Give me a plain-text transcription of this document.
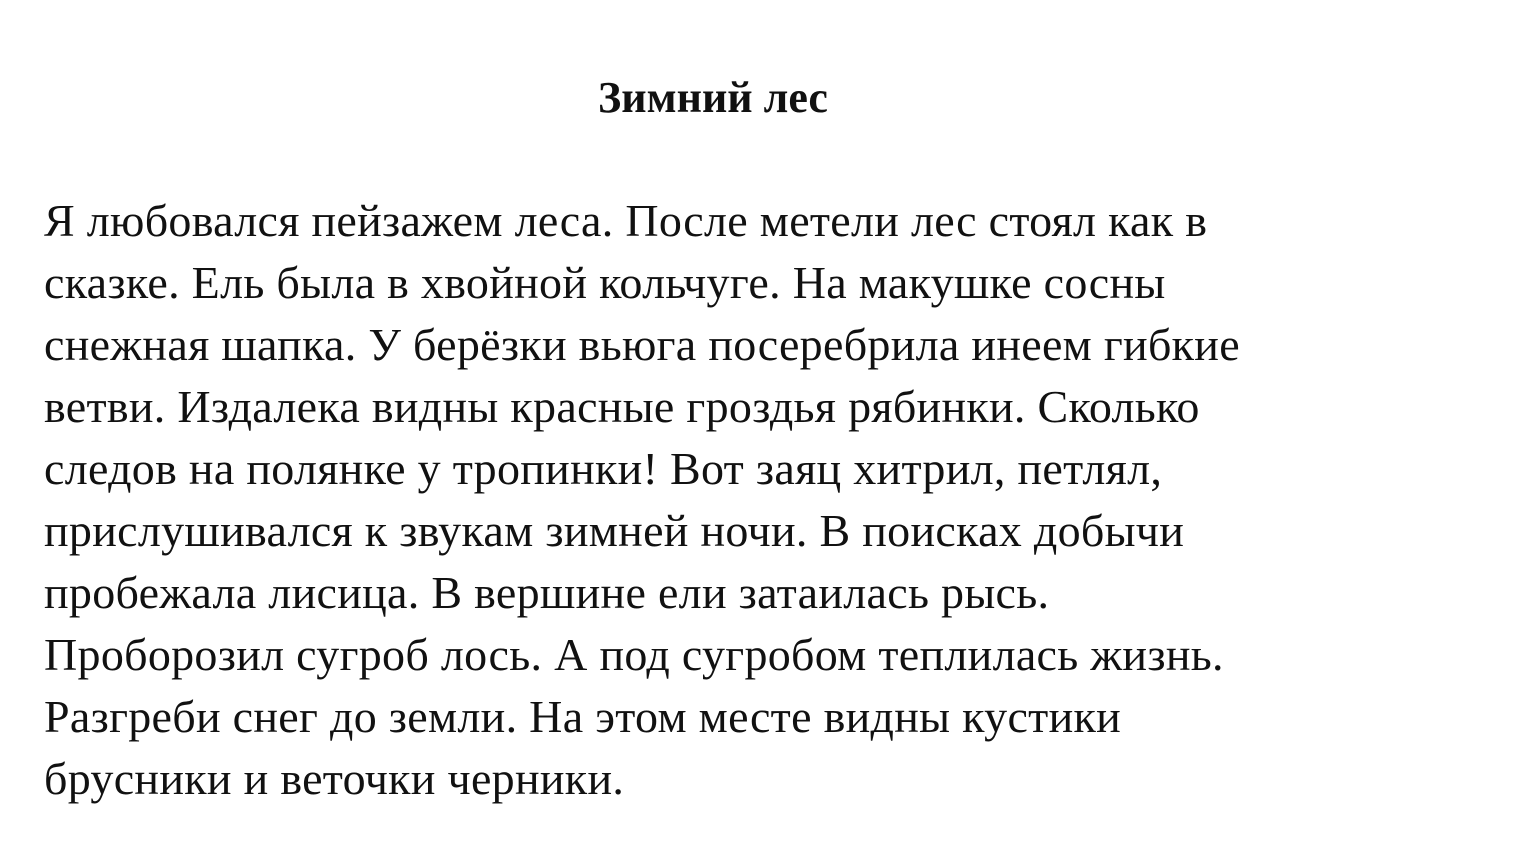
Зимний лес
Я любовался пейзажем леса. После метели лес стоял как в
сказке. Ель была в хвойной кольчуге. На макушке сосны
снежная шапка. У берёзки вьюга посеребрила инеем гибкие
ветви. Издалека видны красные гроздья рябинки. Сколько
следов на полянке у тропинки! Вот заяц хитрил, петлял,
прислушивался к звукам зимней ночи. В поисках добычи
пробежала лисица. В вершине ели затаилась рысь.
Проборозил сугроб лось. А под сугробом теплилась жизнь.
Разгреби снег до земли. На этом месте видны кустики
брусники и веточки черники.
